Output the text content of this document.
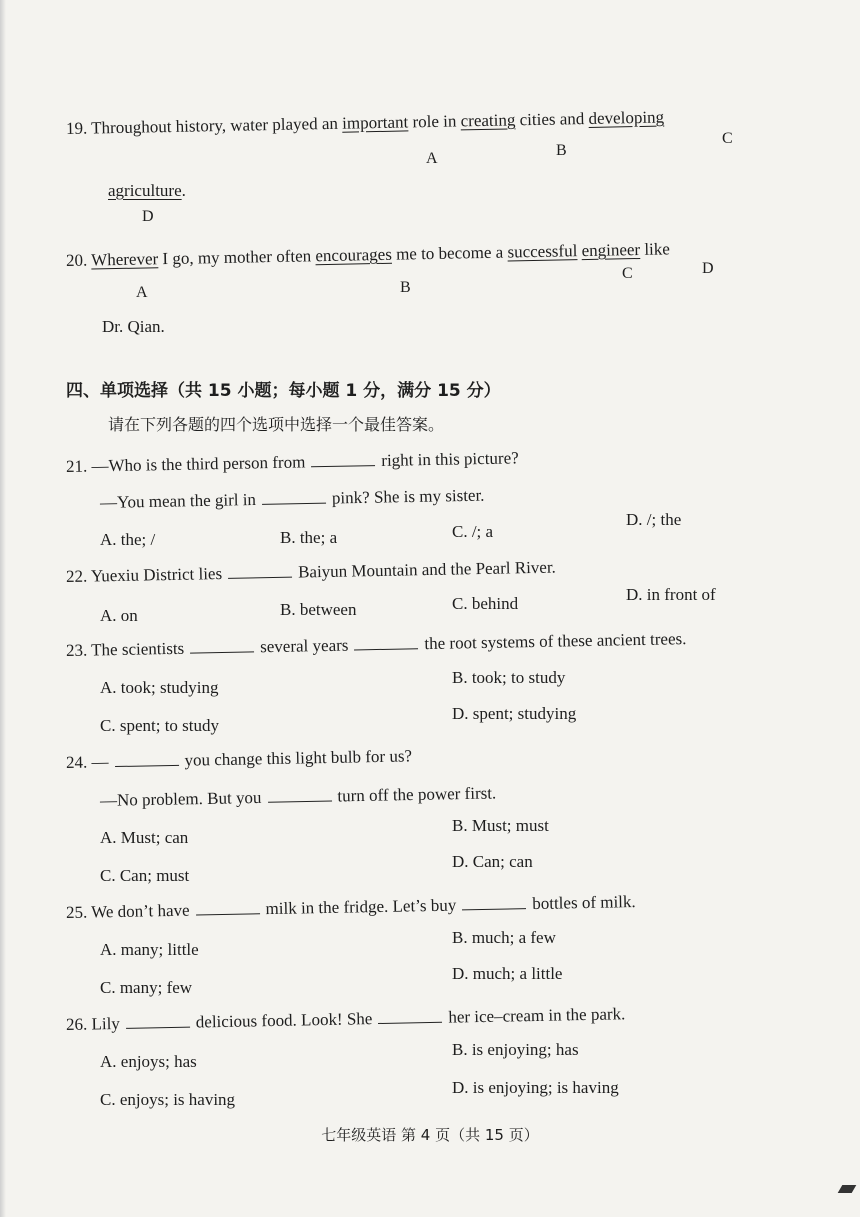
19. Throughout history, water played an important role in creating cities and developing
A	B
C
agriculture.
D
20. Wherever I go, my mother often encourages me to become a successful engineer like
A	B
C	D
Dr. Qian.
四、单项选择（共 15 小题；每小题 1 分，满分 15 分）
请在下列各题的四个选项中选择一个最佳答案。
21. —Who is the third person from	right in this picture?
—You mean the girl in	pink? She is my sister.
A. the; /	B. the; a	C. /; a
D. /; the
22. Yuexiu District lies	Baiyun Mountain and the Pearl River.
A. on	B. between	C. behind	D. in front of
23. The scientists	several years	the root systems of these ancient trees.
A. took; studying
B. took; to study
C. spent; to study
D. spent; studying
24. —	you change this light bulb for us?
—No problem. But you	turn off the power first.
A. Must; can
B. Must; must
C. Can; must
D. Can; can
25. We don’t have	milk in the fridge. Let’s buy	bottles of milk.
A. many; little
B. much; a few
C. many; few
D. much; a little
26. Lily	delicious food. Look! She	her ice–cream in the park.
A. enjoys; has
B. is enjoying; has
C. enjoys; is having
D. is enjoying; is having
七年级英语 第 4 页（共 15 页）
